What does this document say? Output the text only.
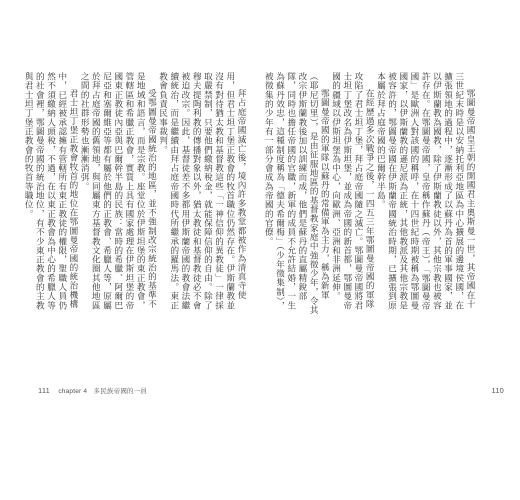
拜占庭帝國滅亡後，境內許多教堂都被作為清真寺使用，但君士坦丁堡正教會的牧首職位仍然存在。伊斯蘭教並沒有對待猶太教和基督教這些「一神信仰的異教徒」一律採取嚴禁制，只要他們繳納稅金，就能保障信仰的自由。除了穆夫提陶利教的傳播對象以外，猶太教徒和基督教徒必不會被迫改宗。因此，基督徒差不多都用伊斯蘭帝國的教會法繼續統治，而是繼續由拜占庭帝國時代所繼承的羅馬法。東正教會負責民事裁判。

受鄂圖曼帝國統治的地區，並不強制改宗統治的基準不是地域和語言，而是宗教。座堂位於伊斯坦堡的東正教會，管轄區和希臘正教會，實質上具有國家處理在伊斯坦堡的帝國東正教徒內亞與巴爾幹半島的民族：當時的希臘、阿爾巴尼亞和塞爾維亞等都有屬於他們的正教會、希臘人等，原屬於拜占庭帝國的舊領地，與同屬東方基督教文化圈其他地區之間的社群形勢也漸漸消弭。

君士坦丁堡正教會牧首的地位在鄂圖曼帝國的統治機構中，已經被承認擁有管轄所有東正教徒的權限，聖職人員仍然不須繳納人頭稅，不過，在以東正教會為中心的希臘人等的社會裡，鄂圖曼帝國的統治地位，有不少東正教會的主教與君士坦丁堡正教會的牧首等職位。

111 chapter 4 多民族帝國的一員

鄂圖曼帝國皇王朝的開國君主奧斯曼一世，其帝國在十三世紀末時是以安納托利亞地區為中心擴展的邊境侯國，在擴張領地的過程中，逐漸形成了以蘇丹為首的軍事國家，並以伊斯蘭教為國教，除了伊斯蘭教徒以外，其他宗教也被容許存在。在鄂圖曼帝國，皇帝稱作蘇丹（帝王），「鄂圖曼帝國」是歐洲人對該國的稱呼，在十四世紀時期被稱為鄂圖曼國家，以伊斯蘭教的遜尼派為正統，其他教派及其他宗教是被容許的，鄂圖曼帝國在伊斯蘭帝國統治時期，已擴張到原本屬於拜占庭帝國的巴爾幹半島。

在經歷過多次戰爭之後，一四五三年鄂圖曼帝國的軍隊攻陷了君士坦丁堡，拜占庭帝國隨之滅亡。鄂圖曼帝國將君士坦丁堡改名為伊斯坦堡，並成為帝國的新首都，鄂圖曼帝國的疆域以伊斯坦堡為中心，向歐洲、亞洲和非洲延伸。

鄂圖曼帝國的軍隊以蘇丹的常備軍為主力，稱為新軍（耶尼切里），是由征服地區的基督教家庭中強徵少年，令其改宗伊斯蘭教後加以訓練而成，他們是蘇丹的直屬精銳部隊，同時也擔任帝國的官職，新軍的成員不允許結婚，一生為蘇丹效忠，這種制度稱為「德夫希爾梅」（少年徵集制），被徵集的少年有一部分會成為帝國的官僚。

110
